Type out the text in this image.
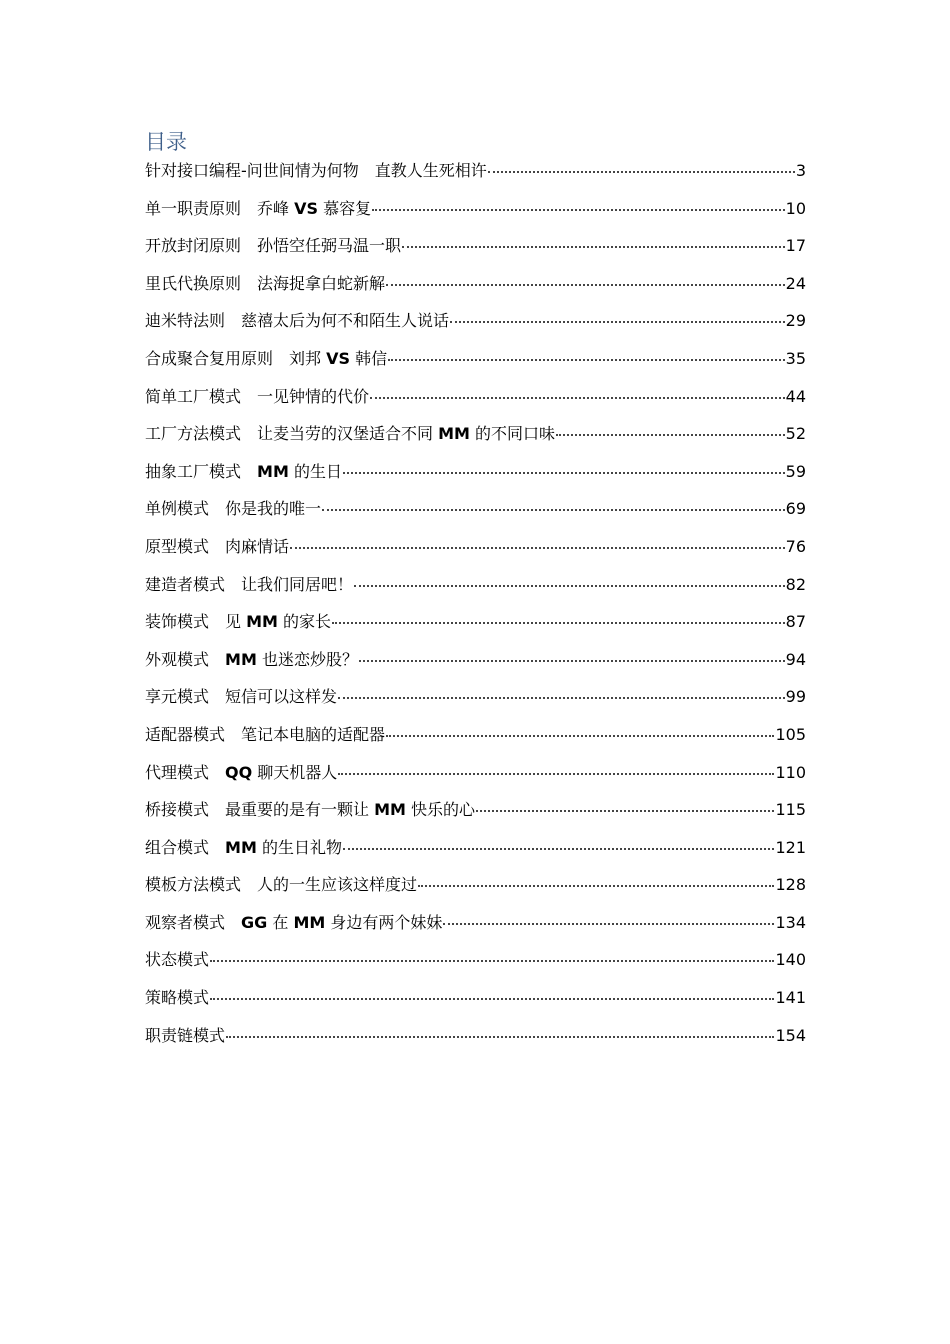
目录
针对接口编程-问世间情为何物　直教人生死相许	3
单一职责原则　乔峰 VS 慕容复	10
开放封闭原则　孙悟空任弼马温一职	17
里氏代换原则　法海捉拿白蛇新解	24
迪米特法则　慈禧太后为何不和陌生人说话	29
合成聚合复用原则　刘邦 VS 韩信	35
简单工厂模式　一见钟情的代价	44
工厂方法模式　让麦当劳的汉堡适合不同 MM 的不同口味	52
抽象工厂模式　MM 的生日	59
单例模式　你是我的唯一	69
原型模式　肉麻情话	76
建造者模式　让我们同居吧！	82
装饰模式　见 MM 的家长	87
外观模式　MM 也迷恋炒股？	94
享元模式　短信可以这样发	99
适配器模式　笔记本电脑的适配器	105
代理模式　QQ 聊天机器人	110
桥接模式　最重要的是有一颗让 MM 快乐的心	115
组合模式　MM 的生日礼物	121
模板方法模式　人的一生应该这样度过	128
观察者模式　GG 在 MM 身边有两个妹妹	134
状态模式	140
策略模式	141
职责链模式	154
